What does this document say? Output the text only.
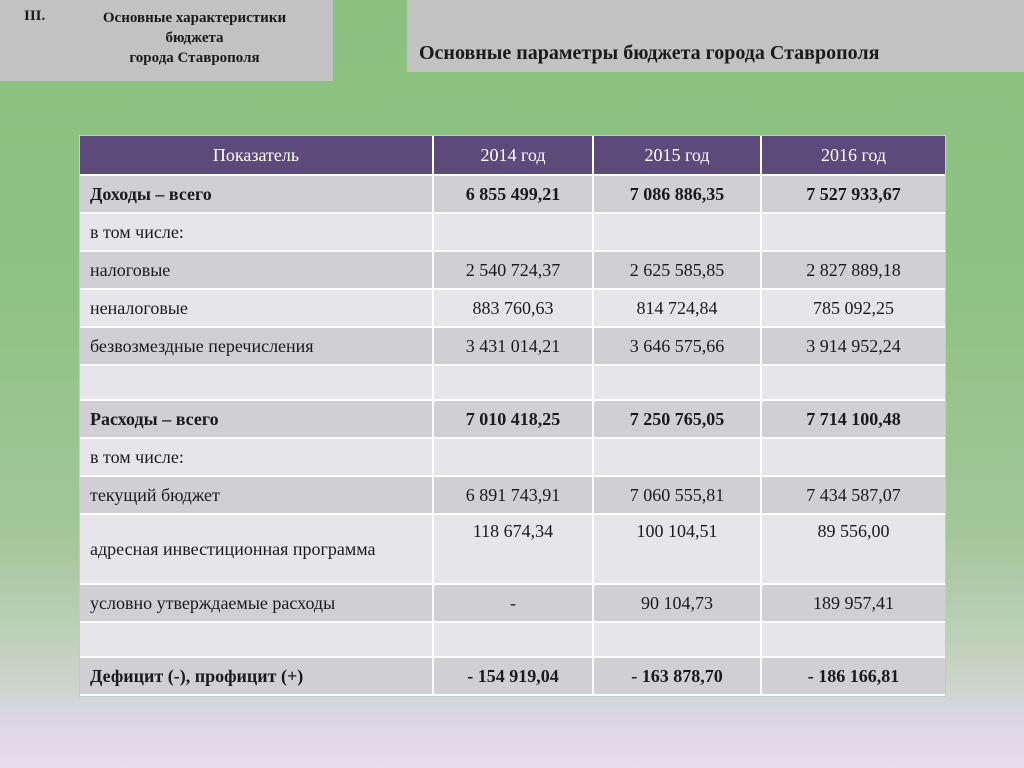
III.	Основные характеристики
бюджета
города Ставрополя	Основные параметры бюджета города Ставрополя
Показатель	2014 год	2015 год	2016 год
Доходы – всего	6 855 499,21	7 086 886,35	7 527 933,67
в том числе:			
налоговые	2 540 724,37	2 625 585,85	2 827 889,18
неналоговые	883 760,63	814 724,84	785 092,25
безвозмездные перечисления	3 431 014,21	3 646 575,66	3 914 952,24

Расходы – всего	7 010 418,25	7 250 765,05	7 714 100,48
в том числе:			
текущий бюджет	6 891 743,91	7 060 555,81	7 434 587,07
адресная инвестиционная программа	118 674,34	100 104,51	89 556,00
условно утверждаемые расходы	-	90 104,73	189 957,41

Дефицит (-), профицит (+)	- 154 919,04	- 163 878,70	- 186 166,81
